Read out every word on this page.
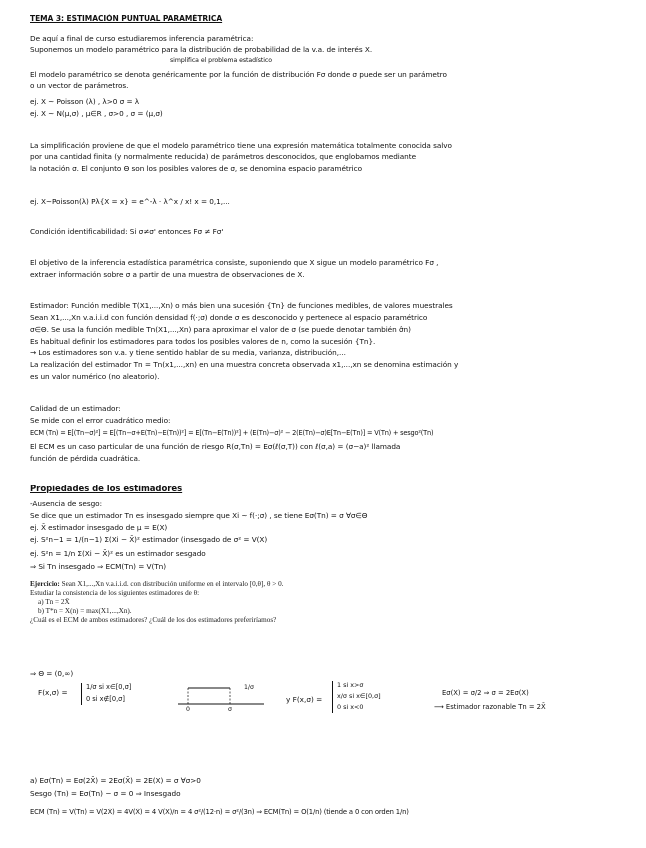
TEMA 3: ESTIMACIÓN PUNTUAL PARAMÉTRICA
De aquí a final de curso estudiaremos inferencia paramétrica:
Suponemos un modelo paramétrico para la distribución de probabilidad de la v.a. de interés X.
simplifica el problema estadístico
El modelo paramétrico se denota genéricamente por la función de distribución Fσ donde σ puede ser un parámetro
o un vector de parámetros.
ej. X ~ Poisson (λ) , λ>0 σ = λ
ej. X ~ N(μ,σ) , μ∈R , σ>0 , σ = (μ,σ)
La simplificación proviene de que el modelo paramétrico tiene una expresión matemática totalmente conocida salvo
por una cantidad finita (y normalmente reducida) de parámetros desconocidos, que englobamos mediante
la notación σ. El conjunto Θ son los posibles valores de σ, se denomina espacio paramétrico
ej. X~Poisson(λ) Pλ{X = x} = e^-λ · λ^x / x! x = 0,1,...
Condición identificabilidad: Si σ≠σ' entonces Fσ ≠ Fσ'
El objetivo de la inferencia estadística paramétrica consiste, suponiendo que X sigue un modelo paramétrico Fσ ,
extraer información sobre σ a partir de una muestra de observaciones de X.
Estimador: Función medible T(X1,...,Xn) o más bien una sucesión {Tn} de funciones medibles, de valores muestrales
Sean X1,...,Xn v.a.i.i.d con función densidad f(·;σ) donde σ es desconocido y pertenece al espacio paramétrico
σ∈Θ. Se usa la función medible Tn(X1,...,Xn) para aproximar el valor de σ (se puede denotar también σ̂n)
Es habitual definir los estimadores para todos los posibles valores de n, como la sucesión {Tn}.
→ Los estimadores son v.a. y tiene sentido hablar de su media, varianza, distribución,...
La realización del estimador Tn = Tn(x1,...,xn) en una muestra concreta observada x1,...,xn se denomina estimación y
es un valor numérico (no aleatorio).
Calidad de un estimador:
Se mide con el error cuadrático medio:
ECM (Tn) = E[(Tn−σ)²] = E[(Tn−σ+E(Tn)−E(Tn))²] = E[(Tn−E(Tn))²] + (E(Tn)−σ)² − 2(E(Tn)−σ)E[Tn−E(Tn)] = V(Tn) + sesgo²(Tn)
El ECM es un caso particular de una función de riesgo R(σ,Tn) = Eσ(ℓ(σ,T)) con ℓ(σ,a) = (σ−a)² llamada
función de pérdida cuadrática.
Propiedades de los estimadores
-Ausencia de sesgo:
Se dice que un estimador Tn es insesgado siempre que Xi ~ f(·;σ) , se tiene Eσ(Tn) = σ ∀σ∈Θ
ej. X̄ estimador insesgado de μ = E(X)
ej. S²n−1 = 1/(n−1) Σ(Xi − X̄)² estimador (insesgado de σ² = V(X)
ej. S²n = 1/n Σ(Xi − X̄)² es un estimador sesgado
⇒ Si Tn insesgado ⇒ ECM(Tn) = V(Tn)
Ejercicio: Sean X1,...,Xn v.a.i.i.d. con distribución uniforme en el intervalo [0,θ], θ > 0. Estudiar la consistencia de los siguientes estimadores de θ:
a) Tn = 2X̄
b) T*n = X(n) = max(X1,...,Xn).
¿Cuál es el ECM de ambos estimadores? ¿Cuál de los dos estimadores preferiríamos?
⇒ Θ = (0,∞)
F(x,σ) =
1/σ si x∈[0,σ]
0 si x∉[0,σ]
1/σ
0	σ
y F(x,σ) =
1 si x>σ
x/σ si x∈[0,σ]
0 si x<0
Eσ(X) = σ/2 ⇒ σ = 2Eσ(X)
⟶ Estimador razonable Tn = 2X̄
a) Eσ(Tn) = Eσ(2X̄) = 2Eσ(X̄) = 2E(X) = σ ∀σ>0
Sesgo (Tn) = Eσ(Tn) − σ = 0 ⇒ Insesgado
ECM (Tn) = V(Tn) = V(2X̄) = 4V(X̄) = 4 V(X)/n = 4 σ²/(12·n) = σ²/(3n) ⇒ ECM(Tn) = O(1/n) (tiende a 0 con orden 1/n)
